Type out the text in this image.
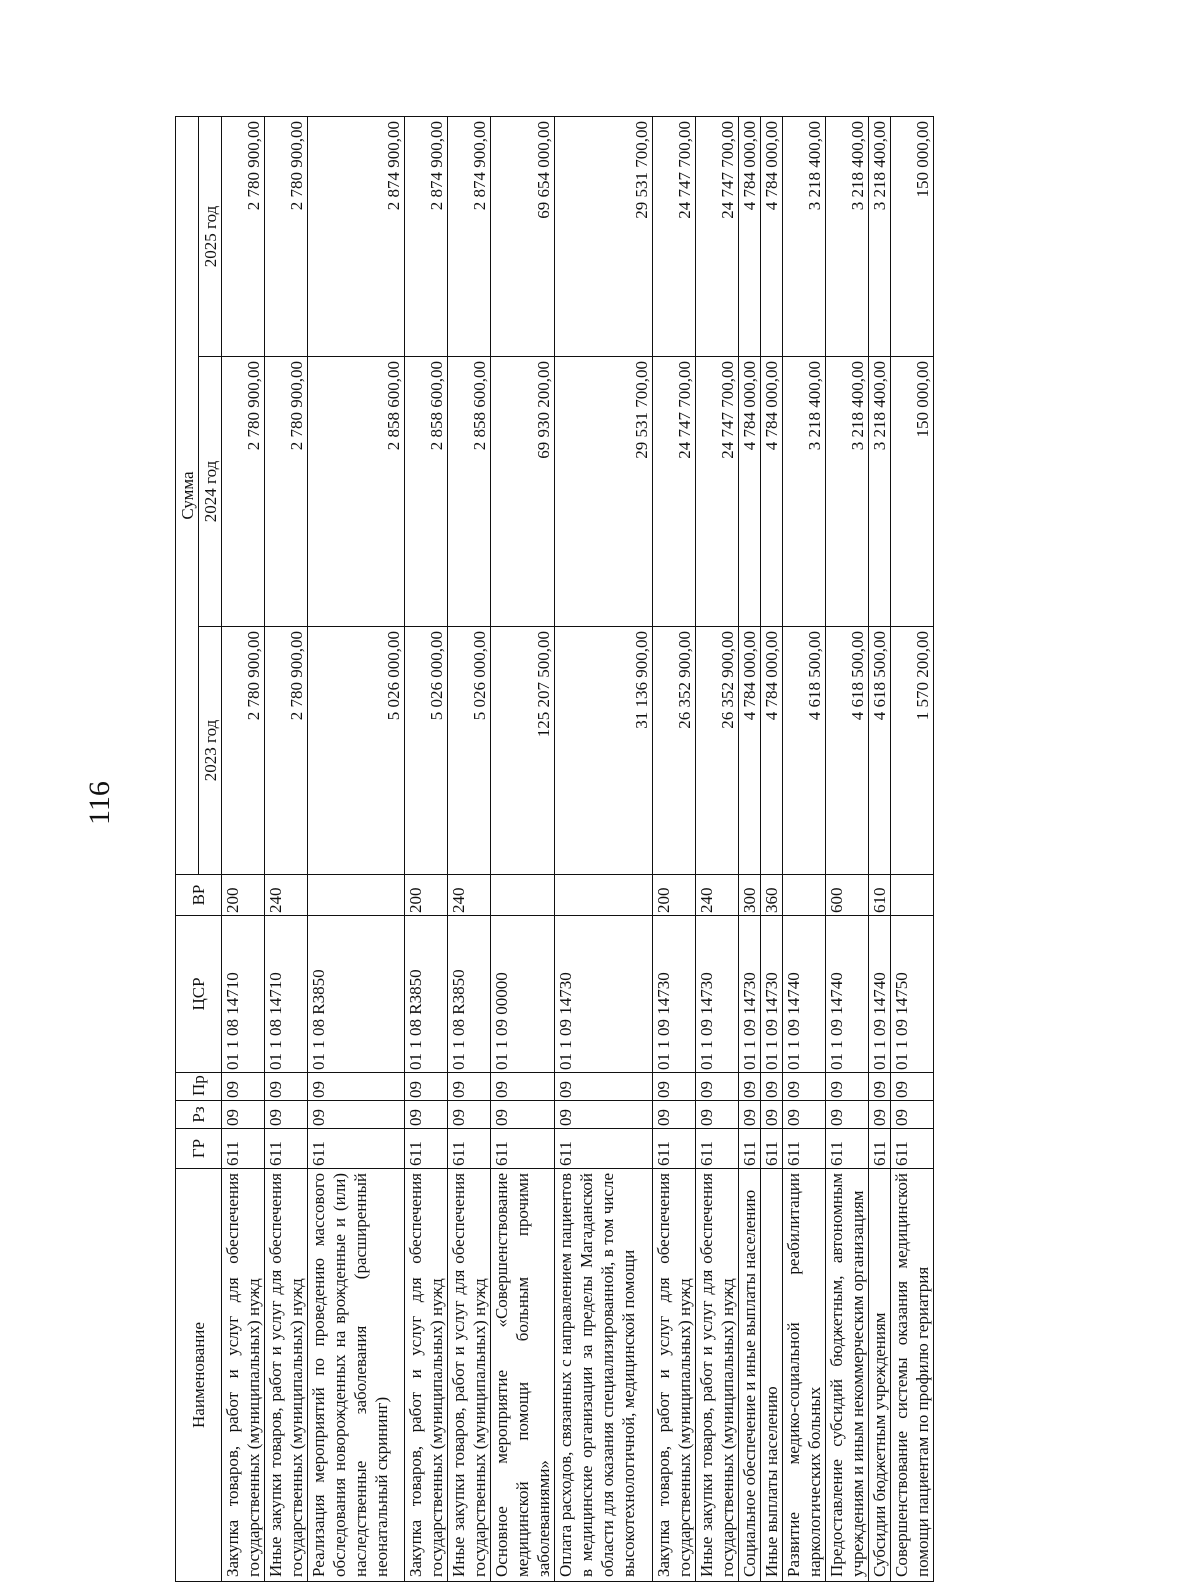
116
Наименование	ГР	Рз	Пр	ЦСР	ВР	Сумма		
						2023 год	2024 год	2025 год
Закупка товаров, работ и услуг для обеспечения государственных (муниципальных) нужд	611	09	09	01 1 08 14710	200	2 780 900,00	2 780 900,00	2 780 900,00
Иные закупки товаров, работ и услуг для обеспечения государственных (муниципальных) нужд	611	09	09	01 1 08 14710	240	2 780 900,00	2 780 900,00	2 780 900,00
Реализация мероприятий по проведению массового обследования новорожденных на врожденные и (или) наследственные заболевания (расширенный неонатальный скрининг)	611	09	09	01 1 08 R3850		5 026 000,00	2 858 600,00	2 874 900,00
Закупка товаров, работ и услуг для обеспечения государственных (муниципальных) нужд	611	09	09	01 1 08 R3850	200	5 026 000,00	2 858 600,00	2 874 900,00
Иные закупки товаров, работ и услуг для обеспечения государственных (муниципальных) нужд	611	09	09	01 1 08 R3850	240	5 026 000,00	2 858 600,00	2 874 900,00
Основное мероприятие «Совершенствование медицинской помощи больным прочими заболеваниями»	611	09	09	01 1 09 00000		125 207 500,00	69 930 200,00	69 654 000,00
Оплата расходов, связанных с направлением пациентов в медицинские организации за пределы Магаданской области для оказания специализированной, в том числе высокотехнологичной, медицинской помощи	611	09	09	01 1 09 14730		31 136 900,00	29 531 700,00	29 531 700,00
Закупка товаров, работ и услуг для обеспечения государственных (муниципальных) нужд	611	09	09	01 1 09 14730	200	26 352 900,00	24 747 700,00	24 747 700,00
Иные закупки товаров, работ и услуг для обеспечения государственных (муниципальных) нужд	611	09	09	01 1 09 14730	240	26 352 900,00	24 747 700,00	24 747 700,00
Социальное обеспечение и иные выплаты населению	611	09	09	01 1 09 14730	300	4 784 000,00	4 784 000,00	4 784 000,00
Иные выплаты населению	611	09	09	01 1 09 14730	360	4 784 000,00	4 784 000,00	4 784 000,00
Развитие медико-социальной реабилитации наркологических больных	611	09	09	01 1 09 14740		4 618 500,00	3 218 400,00	3 218 400,00
Предоставление субсидий бюджетным, автономным учреждениям и иным некоммерческим организациям	611	09	09	01 1 09 14740	600	4 618 500,00	3 218 400,00	3 218 400,00
Субсидии бюджетным учреждениям	611	09	09	01 1 09 14740	610	4 618 500,00	3 218 400,00	3 218 400,00
Совершенствование системы оказания медицинской помощи пациентам по профилю гериатрия	611	09	09	01 1 09 14750		1 570 200,00	150 000,00	150 000,00
